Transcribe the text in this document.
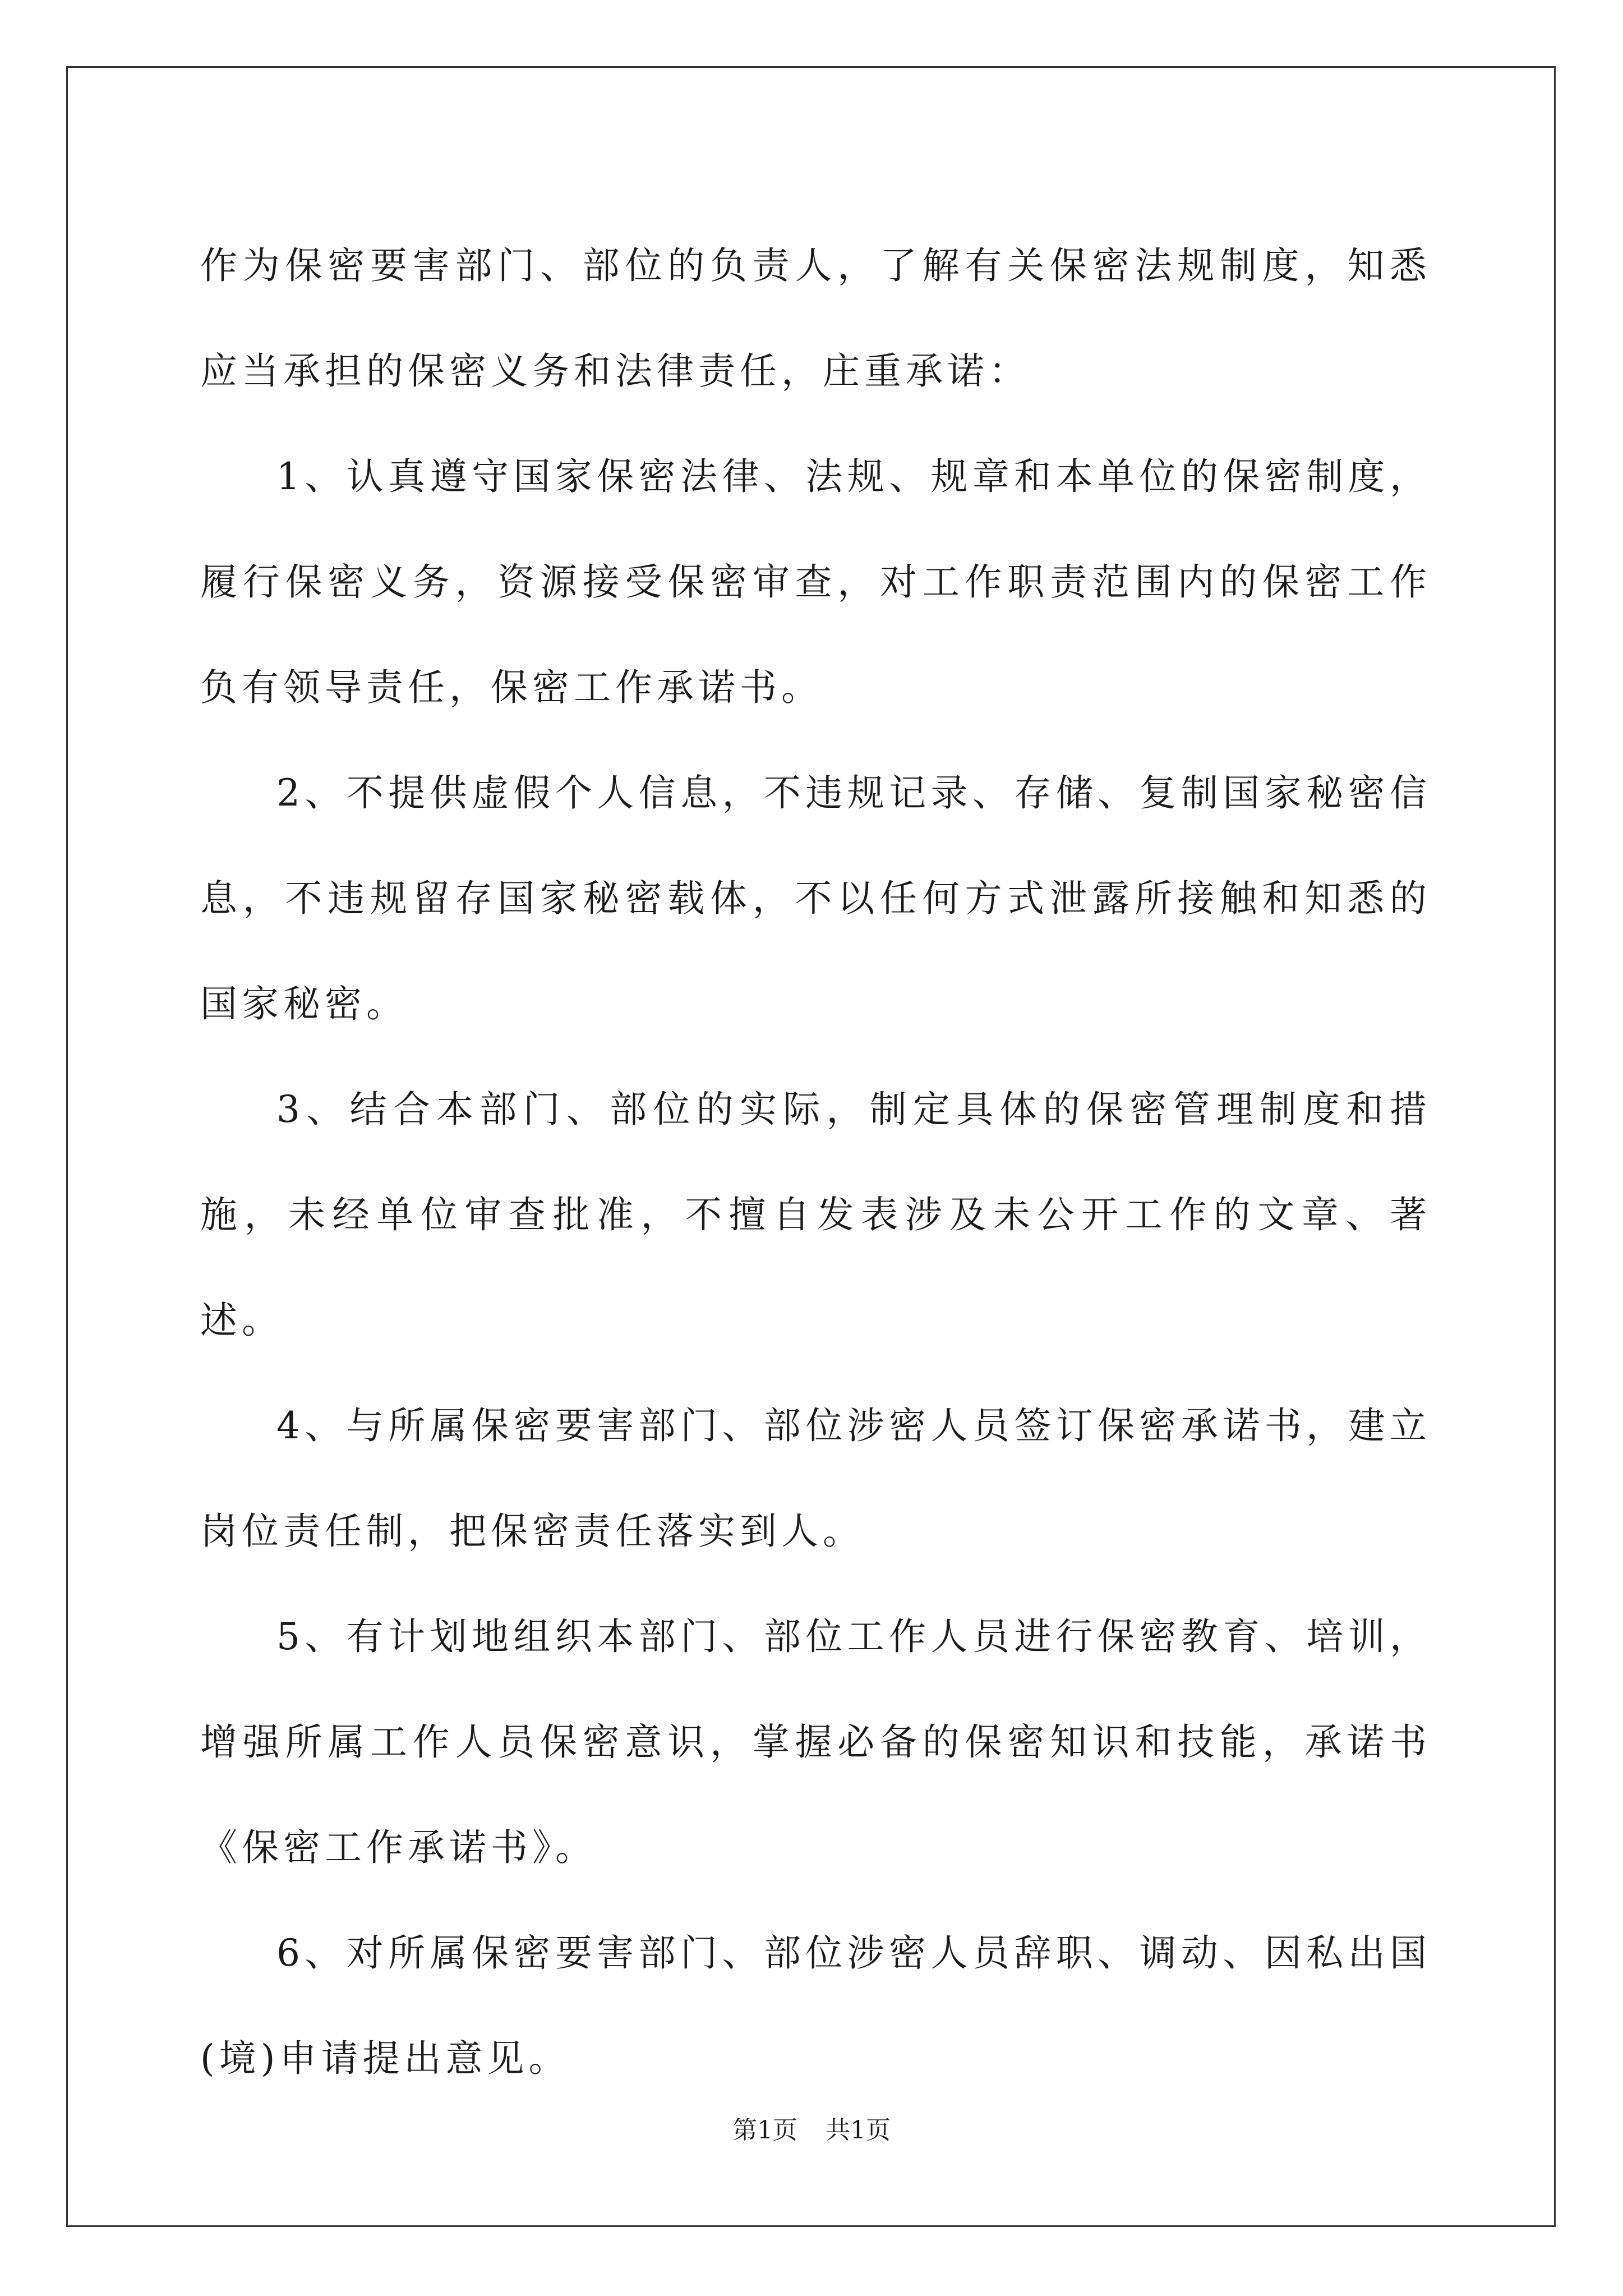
作为保密要害部门、部位的负责人，了解有关保密法规制度，知悉应当承担的保密义务和法律责任，庄重承诺：

1、认真遵守国家保密法律、法规、规章和本单位的保密制度，履行保密义务，资源接受保密审查，对工作职责范围内的保密工作负有领导责任，保密工作承诺书。

2、不提供虚假个人信息，不违规记录、存储、复制国家秘密信息，不违规留存国家秘密载体，不以任何方式泄露所接触和知悉的国家秘密。

3、结合本部门、部位的实际，制定具体的保密管理制度和措施，未经单位审查批准，不擅自发表涉及未公开工作的文章、著述。

4、与所属保密要害部门、部位涉密人员签订保密承诺书，建立岗位责任制，把保密责任落实到人。

5、有计划地组织本部门、部位工作人员进行保密教育、培训，增强所属工作人员保密意识，掌握必备的保密知识和技能，承诺书《保密工作承诺书》。

6、对所属保密要害部门、部位涉密人员辞职、调动、因私出国(境)申请提出意见。

第1页 共1页
